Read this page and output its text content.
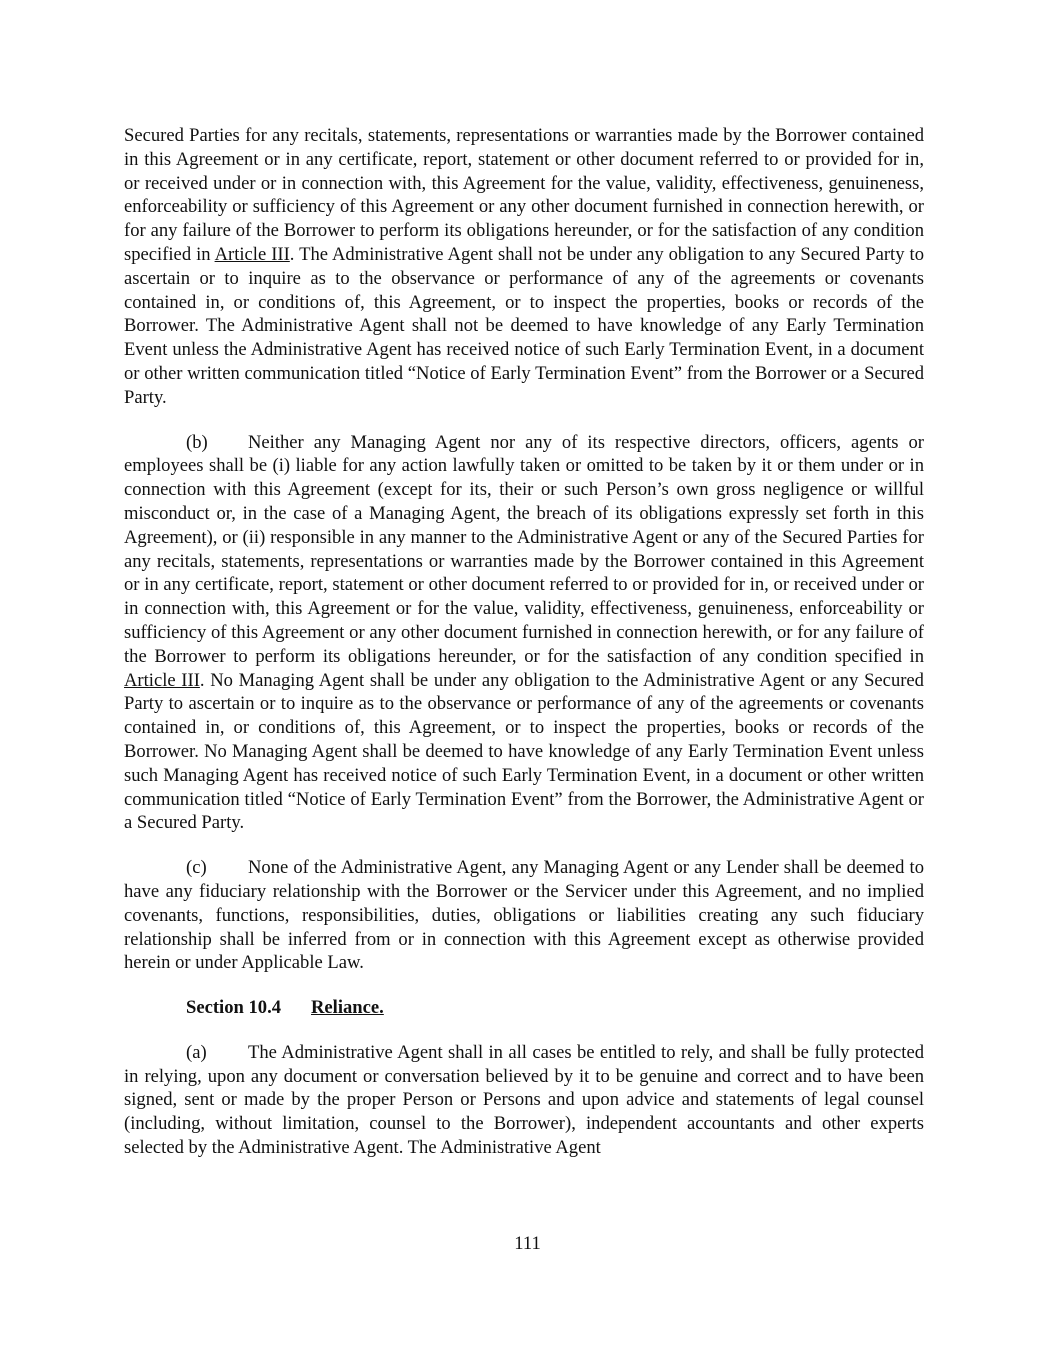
Secured Parties for any recitals, statements, representations or warranties made by the Borrower contained in this Agreement or in any certificate, report, statement or other document referred to or provided for in, or received under or in connection with, this Agreement for the value, validity, effectiveness, genuineness, enforceability or sufficiency of this Agreement or any other document furnished in connection herewith, or for any failure of the Borrower to perform its obligations hereunder, or for the satisfaction of any condition specified in Article III. The Administrative Agent shall not be under any obligation to any Secured Party to ascertain or to inquire as to the observance or performance of any of the agreements or covenants contained in, or conditions of, this Agreement, or to inspect the properties, books or records of the Borrower. The Administrative Agent shall not be deemed to have knowledge of any Early Termination Event unless the Administrative Agent has received notice of such Early Termination Event, in a document or other written communication titled “Notice of Early Termination Event” from the Borrower or a Secured Party.

(b) Neither any Managing Agent nor any of its respective directors, officers, agents or employees shall be (i) liable for any action lawfully taken or omitted to be taken by it or them under or in connection with this Agreement (except for its, their or such Person’s own gross negligence or willful misconduct or, in the case of a Managing Agent, the breach of its obligations expressly set forth in this Agreement), or (ii) responsible in any manner to the Administrative Agent or any of the Secured Parties for any recitals, statements, representations or warranties made by the Borrower contained in this Agreement or in any certificate, report, statement or other document referred to or provided for in, or received under or in connection with, this Agreement or for the value, validity, effectiveness, genuineness, enforceability or sufficiency of this Agreement or any other document furnished in connection herewith, or for any failure of the Borrower to perform its obligations hereunder, or for the satisfaction of any condition specified in Article III. No Managing Agent shall be under any obligation to the Administrative Agent or any Secured Party to ascertain or to inquire as to the observance or performance of any of the agreements or covenants contained in, or conditions of, this Agreement, or to inspect the properties, books or records of the Borrower. No Managing Agent shall be deemed to have knowledge of any Early Termination Event unless such Managing Agent has received notice of such Early Termination Event, in a document or other written communication titled “Notice of Early Termination Event” from the Borrower, the Administrative Agent or a Secured Party.

(c) None of the Administrative Agent, any Managing Agent or any Lender shall be deemed to have any fiduciary relationship with the Borrower or the Servicer under this Agreement, and no implied covenants, functions, responsibilities, duties, obligations or liabilities creating any such fiduciary relationship shall be inferred from or in connection with this Agreement except as otherwise provided herein or under Applicable Law.

Section 10.4 Reliance.

(a) The Administrative Agent shall in all cases be entitled to rely, and shall be fully protected in relying, upon any document or conversation believed by it to be genuine and correct and to have been signed, sent or made by the proper Person or Persons and upon advice and statements of legal counsel (including, without limitation, counsel to the Borrower), independent accountants and other experts selected by the Administrative Agent. The Administrative Agent

111
